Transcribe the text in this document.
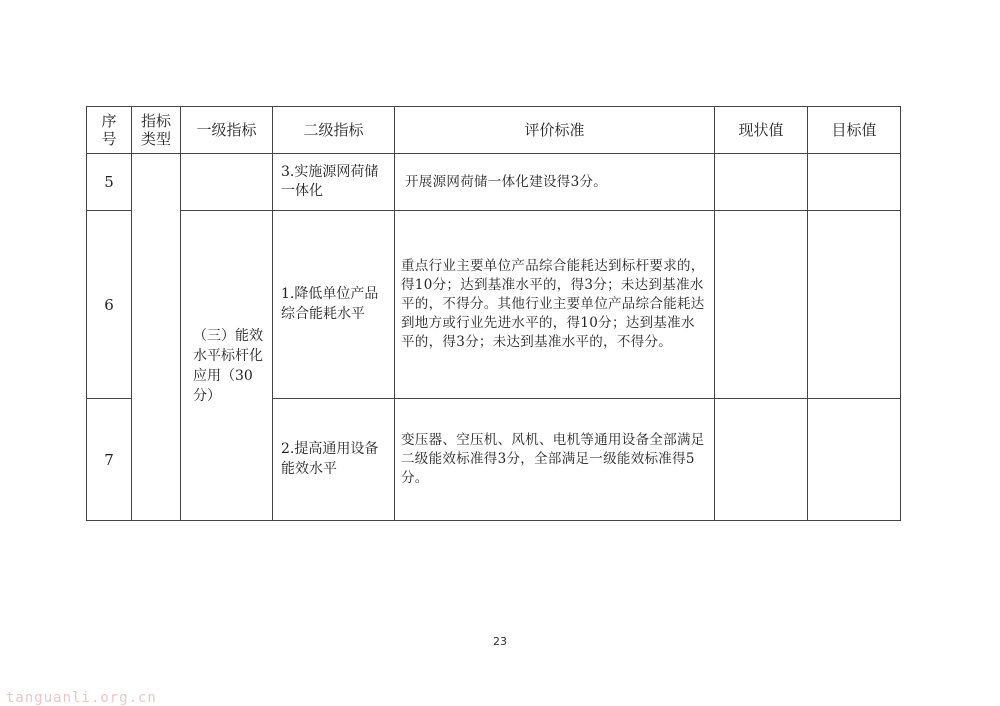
序号	指标类型	一级指标	二级指标	评价标准	现状值	目标值
5			3.实施源网荷储一体化	开展源网荷储一体化建设得3分。		
6		（三）能效水平标杆化应用（30分）	1.降低单位产品综合能耗水平	重点行业主要单位产品综合能耗达到标杆要求的，得10分；达到基准水平的，得3分；未达到基准水平的，不得分。其他行业主要单位产品综合能耗达到地方或行业先进水平的，得10分；达到基准水平的，得3分；未达到基准水平的，不得分。		
7			2.提高通用设备能效水平	变压器、空压机、风机、电机等通用设备全部满足二级能效标准得3分，全部满足一级能效标准得5分。		
23
tanguanli.org.cn
